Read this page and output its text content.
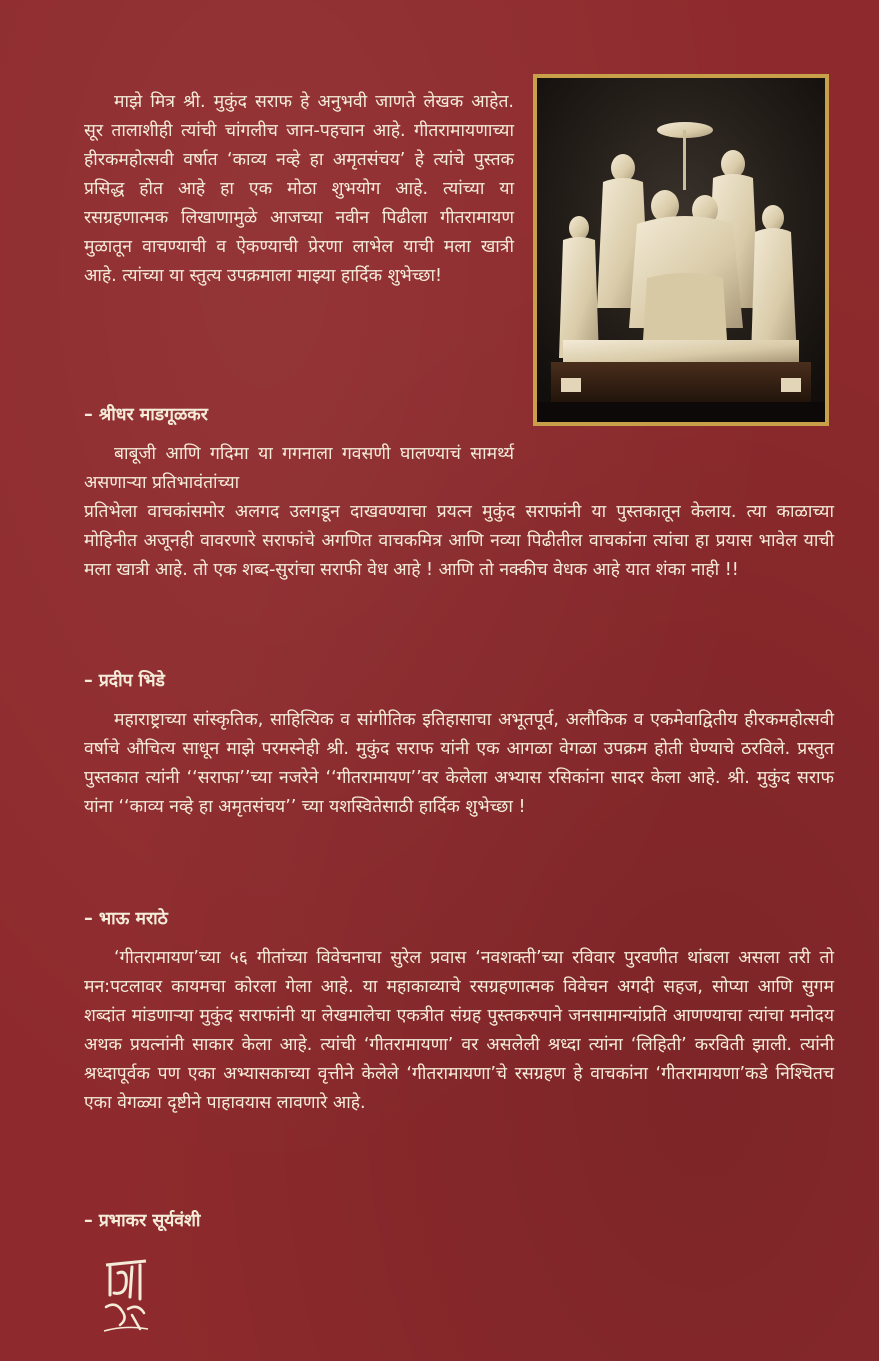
माझे मित्र श्री. मुकुंद सराफ हे अनुभवी जाणते लेखक आहेत. सूर तालाशीही त्यांची चांगलीच जान-पहचान आहे. गीतरामायणाच्या हीरकमहोत्सवी वर्षात ‘काव्य नव्हे हा अमृतसंचय’ हे त्यांचे पुस्तक प्रसिद्ध होत आहे हा एक मोठा शुभयोग आहे. त्यांच्या या रसग्रहणात्मक लिखाणामुळे आजच्या नवीन पिढीला गीतरामायण मुळातून वाचण्याची व ऐकण्याची प्रेरणा लाभेल याची मला खात्री आहे. त्यांच्या या स्तुत्य उपक्रमाला माझ्या हार्दिक शुभेच्छा!

– श्रीधर माडगूळकर

बाबूजी आणि गदिमा या गगनाला गवसणी घालण्याचं सामर्थ्य असणाऱ्या प्रतिभावंतांच्या

प्रतिभेला वाचकांसमोर अलगद उलगडून दाखवण्याचा प्रयत्न मुकुंद सराफांनी या पुस्तकातून केलाय. त्या काळाच्या मोहिनीत अजूनही वावरणारे सराफांचे अगणित वाचकमित्र आणि नव्या पिढीतील वाचकांना त्यांचा हा प्रयास भावेल याची मला खात्री आहे. तो एक शब्द-सुरांचा सराफी वेध आहे ! आणि तो नक्कीच वेधक आहे यात शंका नाही !!

– प्रदीप भिडे

महाराष्ट्राच्या सांस्कृतिक, साहित्यिक व सांगीतिक इतिहासाचा अभूतपूर्व, अलौकिक व एकमेवाद्वितीय हीरकमहोत्सवी वर्षाचे औचित्य साधून माझे परमस्नेही श्री. मुकुंद सराफ यांनी एक आगळा वेगळा उपक्रम होती घेण्याचे ठरविले. प्रस्तुत पुस्तकात त्यांनी ‘‘सराफा’’च्या नजरेने ‘‘गीतरामायण’’वर केलेला अभ्यास रसिकांना सादर केला आहे. श्री. मुकुंद सराफ यांना ‘‘काव्य नव्हे हा अमृतसंचय’’ च्या यशस्वितेसाठी हार्दिक शुभेच्छा !

– भाऊ मराठे

‘गीतरामायण’च्या ५६ गीतांच्या विवेचनाचा सुरेल प्रवास ‘नवशक्ती’च्या रविवार पुरवणीत थांबला असला तरी तो मन:पटलावर कायमचा कोरला गेला आहे. या महाकाव्याचे रसग्रहणात्मक विवेचन अगदी सहज, सोप्या आणि सुगम शब्दांत मांडणाऱ्या मुकुंद सराफांनी या लेखमालेचा एकत्रीत संग्रह पुस्तकरुपाने जनसामान्यांप्रति आणण्याचा त्यांचा मनोदय अथक प्रयत्नांनी साकार केला आहे. त्यांची ‘गीतरामायणा’ वर असलेली श्रध्दा त्यांना ‘लिहिती’ करविती झाली. त्यांनी श्रध्दापूर्वक पण एका अभ्यासकाच्या वृत्तीने केलेले ‘गीतरामायणा’चे रसग्रहण हे वाचकांना ‘गीतरामायणा’कडे निश्चितच एका वेगळ्या दृष्टीने पाहावयास लावणारे आहे.

– प्रभाकर सूर्यवंशी
